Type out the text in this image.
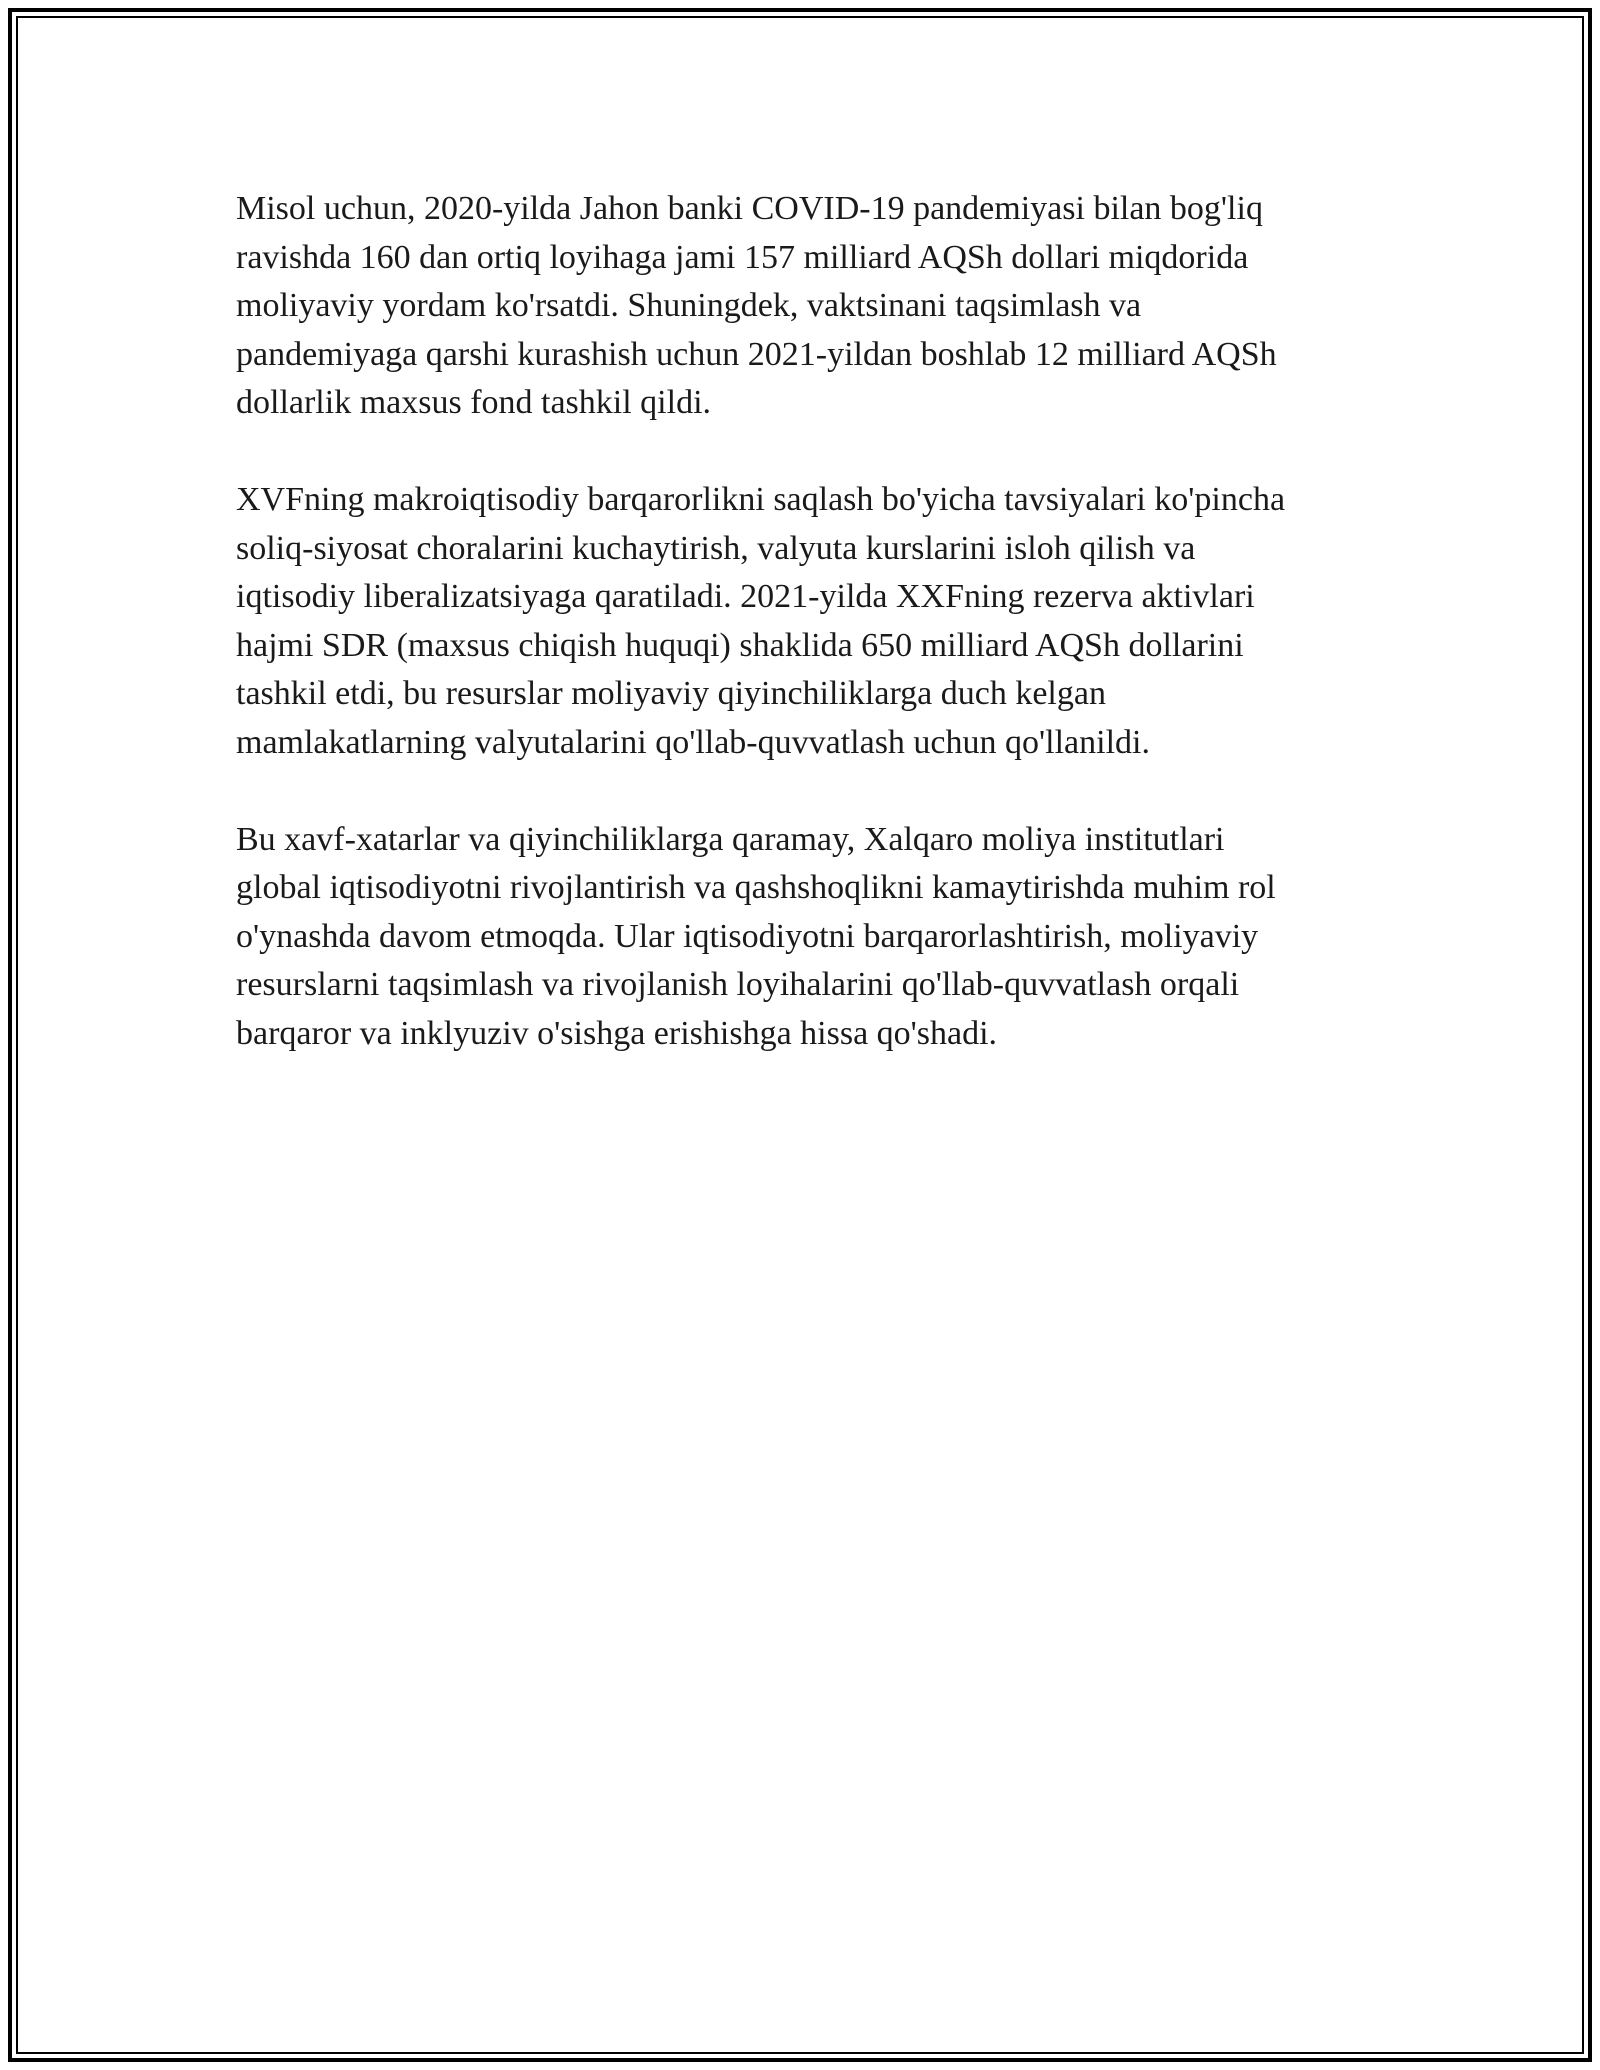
Misol uchun, 2020-yilda Jahon banki COVID-19 pandemiyasi bilan bog'liq
ravishda 160 dan ortiq loyihaga jami 157 milliard AQSh dollari miqdorida
moliyaviy yordam ko'rsatdi. Shuningdek, vaktsinani taqsimlash va
pandemiyaga qarshi kurashish uchun 2021-yildan boshlab 12 milliard AQSh
dollarlik maxsus fond tashkil qildi.

XVFning makroiqtisodiy barqarorlikni saqlash bo'yicha tavsiyalari ko'pincha
soliq-siyosat choralarini kuchaytirish, valyuta kurslarini isloh qilish va
iqtisodiy liberalizatsiyaga qaratiladi. 2021-yilda XXFning rezerva aktivlari
hajmi SDR (maxsus chiqish huquqi) shaklida 650 milliard AQSh dollarini
tashkil etdi, bu resurslar moliyaviy qiyinchiliklarga duch kelgan
mamlakatlarning valyutalarini qo'llab-quvvatlash uchun qo'llanildi.

Bu xavf-xatarlar va qiyinchiliklarga qaramay, Xalqaro moliya institutlari
global iqtisodiyotni rivojlantirish va qashshoqlikni kamaytirishda muhim rol
o'ynashda davom etmoqda. Ular iqtisodiyotni barqarorlashtirish, moliyaviy
resurslarni taqsimlash va rivojlanish loyihalarini qo'llab-quvvatlash orqali
barqaror va inklyuziv o'sishga erishishga hissa qo'shadi.
